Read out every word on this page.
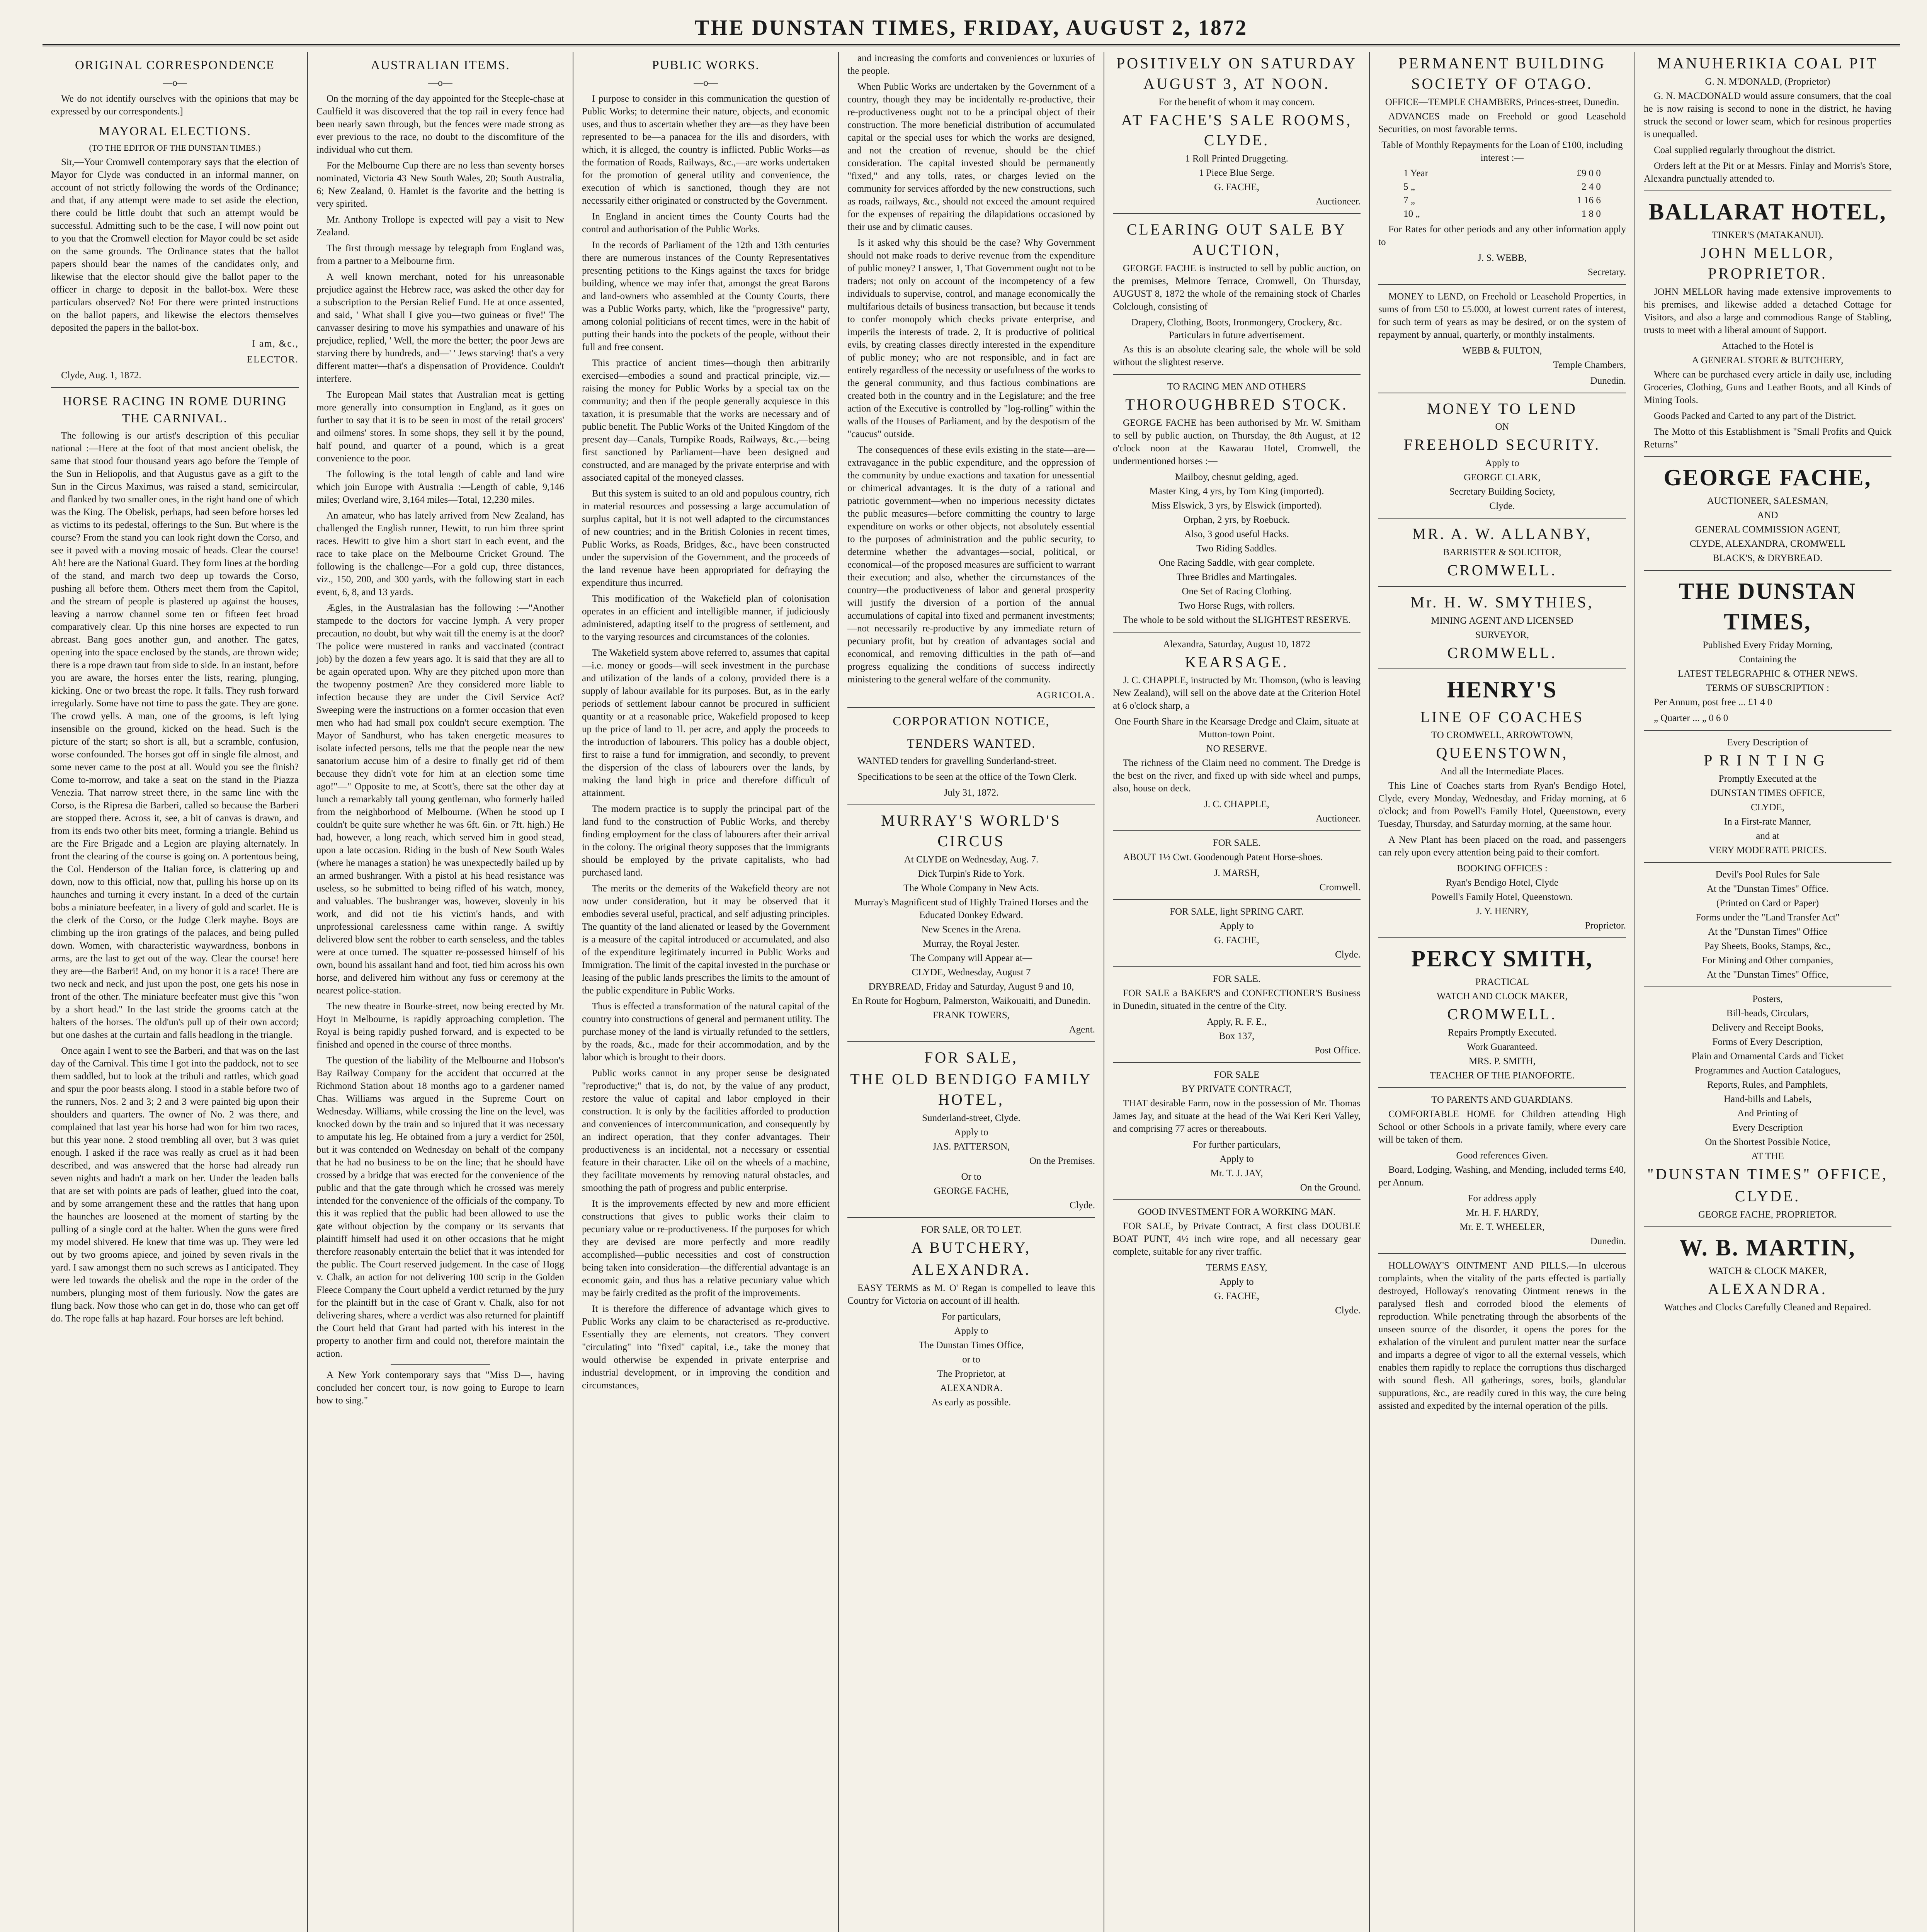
THE DUNSTAN TIMES, FRIDAY, AUGUST 2, 1872
ORIGINAL CORRESPONDENCE

—o—

We do not identify ourselves with the opinions that may be expressed by our correspondents.]

MAYORAL ELECTIONS.

(TO THE EDITOR OF THE DUNSTAN TIMES.)

Sir,—Your Cromwell contemporary says that the election of Mayor for Clyde was conducted in an informal manner, on account of not strictly following the words of the Ordinance; and that, if any attempt were made to set aside the election, there could be little doubt that such an attempt would be successful. Admitting such to be the case, I will now point out to you that the Cromwell election for Mayor could be set aside on the same grounds. The Ordinance states that the ballot papers should bear the names of the candidates only, and likewise that the elector should give the ballot paper to the officer in charge to deposit in the ballot-box. Were these particulars observed? No! For there were printed instructions on the ballot papers, and likewise the electors themselves deposited the papers in the ballot-box.

I am, &c.,

ELECTOR.

Clyde, Aug. 1, 1872.

HORSE RACING IN ROME DURING THE CARNIVAL.

The following is our artist's description of this peculiar national :—Here at the foot of that most ancient obelisk, the same that stood four thousand years ago before the Temple of the Sun in Heliopolis, and that Augustus gave as a gift to the Sun in the Circus Maximus, was raised a stand, semicircular, and flanked by two smaller ones, in the right hand one of which was the King. The Obelisk, perhaps, had seen before horses led as victims to its pedestal, offerings to the Sun. But where is the course? From the stand you can look right down the Corso, and see it paved with a moving mosaic of heads. Clear the course! Ah! here are the National Guard. They form lines at the bording of the stand, and march two deep up towards the Corso, pushing all before them. Others meet them from the Capitol, and the stream of people is plastered up against the houses, leaving a narrow channel some ten or fifteen feet broad comparatively clear. Up this nine horses are expected to run abreast. Bang goes another gun, and another. The gates, opening into the space enclosed by the stands, are thrown wide; there is a rope drawn taut from side to side. In an instant, before you are aware, the horses enter the lists, rearing, plunging, kicking. One or two breast the rope. It falls. They rush forward irregularly. Some have not time to pass the gate. They are gone. The crowd yells. A man, one of the grooms, is left lying insensible on the ground, kicked on the head. Such is the picture of the start; so short is all, but a scramble, confusion, worse confounded. The horses got off in single file almost, and some never came to the post at all. Would you see the finish? Come to-morrow, and take a seat on the stand in the Piazza Venezia. That narrow street there, in the same line with the Corso, is the Ripresa die Barberi, called so because the Barberi are stopped there. Across it, see, a bit of canvas is drawn, and from its ends two other bits meet, forming a triangle. Behind us are the Fire Brigade and a Legion are playing alternately. In front the clearing of the course is going on. A portentous being, the Col. Henderson of the Italian force, is clattering up and down, now to this official, now that, pulling his horse up on its haunches and turning it every instant. In a deed of the curtain bobs a miniature beefeater, in a livery of gold and scarlet. He is the clerk of the Corso, or the Judge Clerk maybe. Boys are climbing up the iron gratings of the palaces, and being pulled down. Women, with characteristic waywardness, bonbons in arms, are the last to get out of the way. Clear the course! here they are—the Barberi! And, on my honor it is a race! There are two neck and neck, and just upon the post, one gets his nose in front of the other. The miniature beefeater must give this "won by a short head." In the last stride the grooms catch at the halters of the horses. The old'un's pull up of their own accord; but one dashes at the curtain and falls headlong in the triangle.

Once again I went to see the Barberi, and that was on the last day of the Carnival. This time I got into the paddock, not to see them saddled, but to look at the tribuli and rattles, which goad and spur the poor beasts along. I stood in a stable before two of the runners, Nos. 2 and 3; 2 and 3 were painted big upon their shoulders and quarters. The owner of No. 2 was there, and complained that last year his horse had won for him two races, but this year none. 2 stood trembling all over, but 3 was quiet enough. I asked if the race was really as cruel as it had been described, and was answered that the horse had already run seven nights and hadn't a mark on her. Under the leaden balls that are set with points are pads of leather, glued into the coat, and by some arrangement these and the rattles that hang upon the haunches are loosened at the moment of starting by the pulling of a single cord at the halter. When the guns were fired my model shivered. He knew that time was up. They were led out by two grooms apiece, and joined by seven rivals in the yard. I saw amongst them no such screws as I anticipated. They were led towards the obelisk and the rope in the order of the numbers, plunging most of them furiously. Now the gates are flung back. Now those who can get in do, those who can get off do. The rope falls at hap hazard. Four horses are left behind.

AUSTRALIAN ITEMS.

—o—

On the morning of the day appointed for the Steeple-chase at Caulfield it was discovered that the top rail in every fence had been nearly sawn through, but the fences were made strong as ever previous to the race, no doubt to the discomfiture of the individual who cut them.

For the Melbourne Cup there are no less than seventy horses nominated, Victoria 43 New South Wales, 20; South Australia, 6; New Zealand, 0. Hamlet is the favorite and the betting is very spirited.

Mr. Anthony Trollope is expected will pay a visit to New Zealand.

The first through message by telegraph from England was, from a partner to a Melbourne firm.

A well known merchant, noted for his unreasonable prejudice against the Hebrew race, was asked the other day for a subscription to the Persian Relief Fund. He at once assented, and said, ' What shall I give you—two guineas or five!' The canvasser desiring to move his sympathies and unaware of his prejudice, replied, ' Well, the more the better; the poor Jews are starving there by hundreds, and—' ' Jews starving! that's a very different matter—that's a dispensation of Providence. Couldn't interfere.

The European Mail states that Australian meat is getting more generally into consumption in England, as it goes on further to say that it is to be seen in most of the retail grocers' and oilmens' stores. In some shops, they sell it by the pound, half pound, and quarter of a pound, which is a great convenience to the poor.

The following is the total length of cable and land wire which join Europe with Australia :—Length of cable, 9,146 miles; Overland wire, 3,164 miles—Total, 12,230 miles.

An amateur, who has lately arrived from New Zealand, has challenged the English runner, Hewitt, to run him three sprint races. Hewitt to give him a short start in each event, and the race to take place on the Melbourne Cricket Ground. The following is the challenge—For a gold cup, three distances, viz., 150, 200, and 300 yards, with the following start in each event, 6, 8, and 13 yards.

Ægles, in the Australasian has the following :—"Another stampede to the doctors for vaccine lymph. A very proper precaution, no doubt, but why wait till the enemy is at the door? The police were mustered in ranks and vaccinated (contract job) by the dozen a few years ago. It is said that they are all to be again operated upon. Why are they pitched upon more than the twopenny postmen? Are they considered more liable to infection because they are under the Civil Service Act? Sweeping were the instructions on a former occasion that even men who had had small pox couldn't secure exemption. The Mayor of Sandhurst, who has taken energetic measures to isolate infected persons, tells me that the people near the new sanatorium accuse him of a desire to finally get rid of them because they didn't vote for him at an election some time ago!"—" Opposite to me, at Scott's, there sat the other day at lunch a remarkably tall young gentleman, who formerly hailed from the neighborhood of Melbourne. (When he stood up I couldn't be quite sure whether he was 6ft. 6in. or 7ft. high.) He had, however, a long reach, which served him in good stead, upon a late occasion. Riding in the bush of New South Wales (where he manages a station) he was unexpectedly bailed up by an armed bushranger. With a pistol at his head resistance was useless, so he submitted to being rifled of his watch, money, and valuables. The bushranger was, however, slovenly in his work, and did not tie his victim's hands, and with unprofessional carelessness came within range. A swiftly delivered blow sent the robber to earth senseless, and the tables were at once turned. The squatter re-possessed himself of his own, bound his assailant hand and foot, tied him across his own horse, and delivered him without any fuss or ceremony at the nearest police-station.

The new theatre in Bourke-street, now being erected by Mr. Hoyt in Melbourne, is rapidly approaching completion. The Royal is being rapidly pushed forward, and is expected to be finished and opened in the course of three months.

The question of the liability of the Melbourne and Hobson's Bay Railway Company for the accident that occurred at the Richmond Station about 18 months ago to a gardener named Chas. Williams was argued in the Supreme Court on Wednesday. Williams, while crossing the line on the level, was knocked down by the train and so injured that it was necessary to amputate his leg. He obtained from a jury a verdict for 250l, but it was contended on Wednesday on behalf of the company that he had no business to be on the line; that he should have crossed by a bridge that was erected for the convenience of the public and that the gate through which he crossed was merely intended for the convenience of the officials of the company. To this it was replied that the public had been allowed to use the gate without objection by the company or its servants that plaintiff himself had used it on other occasions that he might therefore reasonably entertain the belief that it was intended for the public. The Court reserved judgement. In the case of Hogg v. Chalk, an action for not delivering 100 scrip in the Golden Fleece Company the Court upheld a verdict returned by the jury for the plaintiff but in the case of Grant v. Chalk, also for not delivering shares, where a verdict was also returned for plaintiff the Court held that Grant had parted with his interest in the property to another firm and could not, therefore maintain the action.

A New York contemporary says that "Miss D—, having concluded her concert tour, is now going to Europe to learn how to sing."

PUBLIC WORKS.

—o—

I purpose to consider in this communication the question of Public Works; to determine their nature, objects, and economic uses, and thus to ascertain whether they are—as they have been represented to be—a panacea for the ills and disorders, with which, it is alleged, the country is inflicted. Public Works—as the formation of Roads, Railways, &c.,—are works undertaken for the promotion of general utility and convenience, the execution of which is sanctioned, though they are not necessarily either originated or constructed by the Government.

In England in ancient times the County Courts had the control and authorisation of the Public Works.

In the records of Parliament of the 12th and 13th centuries there are numerous instances of the County Representatives presenting petitions to the Kings against the taxes for bridge building, whence we may infer that, amongst the great Barons and land-owners who assembled at the County Courts, there was a Public Works party, which, like the "progressive" party, among colonial politicians of recent times, were in the habit of putting their hands into the pockets of the people, without their full and free consent.

This practice of ancient times—though then arbitrarily exercised—embodies a sound and practical principle, viz.—raising the money for Public Works by a special tax on the community; and then if the people generally acquiesce in this taxation, it is presumable that the works are necessary and of public benefit. The Public Works of the United Kingdom of the present day—Canals, Turnpike Roads, Railways, &c.,—being first sanctioned by Parliament—have been designed and constructed, and are managed by the private enterprise and with associated capital of the moneyed classes.

But this system is suited to an old and populous country, rich in material resources and possessing a large accumulation of surplus capital, but it is not well adapted to the circumstances of new countries; and in the British Colonies in recent times, Public Works, as Roads, Bridges, &c., have been constructed under the supervision of the Government, and the proceeds of the land revenue have been appropriated for defraying the expenditure thus incurred.

This modification of the Wakefield plan of colonisation operates in an efficient and intelligible manner, if judiciously administered, adapting itself to the progress of settlement, and to the varying resources and circumstances of the colonies.

The Wakefield system above referred to, assumes that capital—i.e. money or goods—will seek investment in the purchase and utilization of the lands of a colony, provided there is a supply of labour available for its purposes. But, as in the early periods of settlement labour cannot be procured in sufficient quantity or at a reasonable price, Wakefield proposed to keep up the price of land to 1l. per acre, and apply the proceeds to the introduction of labourers. This policy has a double object, first to raise a fund for immigration, and secondly, to prevent the dispersion of the class of labourers over the lands, by making the land high in price and therefore difficult of attainment.

The modern practice is to supply the principal part of the land fund to the construction of Public Works, and thereby finding employment for the class of labourers after their arrival in the colony. The original theory supposes that the immigrants should be employed by the private capitalists, who had purchased land.

The merits or the demerits of the Wakefield theory are not now under consideration, but it may be observed that it embodies several useful, practical, and self adjusting principles. The quantity of the land alienated or leased by the Government is a measure of the capital introduced or accumulated, and also of the expenditure legitimately incurred in Public Works and Immigration. The limit of the capital invested in the purchase or leasing of the public lands prescribes the limits to the amount of the public expenditure in Public Works.

Thus is effected a transformation of the natural capital of the country into constructions of general and permanent utility. The purchase money of the land is virtually refunded to the settlers, by the roads, &c., made for their accommodation, and by the labor which is brought to their doors.

Public works cannot in any proper sense be designated "reproductive;" that is, do not, by the value of any product, restore the value of capital and labor employed in their construction. It is only by the facilities afforded to production and conveniences of intercommunication, and consequently by an indirect operation, that they confer advantages. Their productiveness is an incidental, not a necessary or essential feature in their character. Like oil on the wheels of a machine, they facilitate movements by removing natural obstacles, and smoothing the path of progress and public enterprise.

It is the improvements effected by new and more efficient constructions that gives to public works their claim to pecuniary value or re-productiveness. If the purposes for which they are devised are more perfectly and more readily accomplished—public necessities and cost of construction being taken into consideration—the differential advantage is an economic gain, and thus has a relative pecuniary value which may be fairly credited as the profit of the improvements.

It is therefore the difference of advantage which gives to Public Works any claim to be characterised as re-productive. Essentially they are elements, not creators. They convert "circulating" into "fixed" capital, i.e., take the money that would otherwise be expended in private enterprise and industrial development, or in improving the condition and circumstances,

and increasing the comforts and conveniences or luxuries of the people.

When Public Works are undertaken by the Government of a country, though they may be incidentally re-productive, their re-productiveness ought not to be a principal object of their construction. The more beneficial distribution of accumulated capital or the special uses for which the works are designed, and not the creation of revenue, should be the chief consideration. The capital invested should be permanently "fixed," and any tolls, rates, or charges levied on the community for services afforded by the new constructions, such as roads, railways, &c., should not exceed the amount required for the expenses of repairing the dilapidations occasioned by their use and by climatic causes.

Is it asked why this should be the case? Why Government should not make roads to derive revenue from the expenditure of public money? I answer, 1, That Government ought not to be traders; not only on account of the incompetency of a few individuals to supervise, control, and manage economically the multifarious details of business transaction, but because it tends to confer monopoly which checks private enterprise, and imperils the interests of trade. 2, It is productive of political evils, by creating classes directly interested in the expenditure of public money; who are not responsible, and in fact are entirely regardless of the necessity or usefulness of the works to the general community, and thus factious combinations are created both in the country and in the Legislature; and the free action of the Executive is controlled by "log-rolling" within the walls of the Houses of Parliament, and by the despotism of the "caucus" outside.

The consequences of these evils existing in the state—are—extravagance in the public expenditure, and the oppression of the community by undue exactions and taxation for unessential or chimerical advantages. It is the duty of a rational and patriotic government—when no imperious necessity dictates the public measures—before committing the country to large expenditure on works or other objects, not absolutely essential to the purposes of administration and the public security, to determine whether the advantages—social, political, or economical—of the proposed measures are sufficient to warrant their execution; and also, whether the circumstances of the country—the productiveness of labor and general prosperity will justify the diversion of a portion of the annual accumulations of capital into fixed and permanent investments;—not necessarily re-productive by any immediate return of pecuniary profit, but by creation of advantages social and economical, and removing difficulties in the path of—and progress equalizing the conditions of success indirectly ministering to the general welfare of the community.

AGRICOLA.

CORPORATION NOTICE,
TENDERS WANTED.

WANTED tenders for gravelling Sunderland-street.

Specifications to be seen at the office of the Town Clerk.

July 31, 1872.

MURRAY'S WORLD'S CIRCUS

At CLYDE on Wednesday, Aug. 7.

Dick Turpin's Ride to York.

The Whole Company in New Acts.

Murray's Magnificent stud of Highly Trained Horses and the Educated Donkey Edward.

New Scenes in the Arena.

Murray, the Royal Jester.

The Company will Appear at—

CLYDE, Wednesday, August 7

DRYBREAD, Friday and Saturday, August 9 and 10,

En Route for Hogburn, Palmerston, Waikouaiti, and Dunedin.

FRANK TOWERS,

Agent.

FOR SALE,

THE OLD BENDIGO FAMILY HOTEL,

Sunderland-street, Clyde.

Apply to

JAS. PATTERSON,

On the Premises.

Or to

GEORGE FACHE,

Clyde.

FOR SALE, OR TO LET.

A BUTCHERY,

ALEXANDRA.

EASY TERMS as M. O' Regan is compelled to leave this Country for Victoria on account of ill health.

For particulars,

Apply to

The Dunstan Times Office,

or to

The Proprietor, at

ALEXANDRA.

As early as possible.

POSITIVELY ON SATURDAY AUGUST 3, AT NOON.

For the benefit of whom it may concern.

AT FACHE'S SALE ROOMS, CLYDE.

1 Roll Printed Druggeting.

1 Piece Blue Serge.

G. FACHE,

Auctioneer.

CLEARING OUT SALE BY AUCTION,

GEORGE FACHE is instructed to sell by public auction, on the premises, Melmore Terrace, Cromwell, On Thursday, AUGUST 8, 1872 the whole of the remaining stock of Charles Colclough, consisting of

Drapery, Clothing, Boots, Ironmongery, Crockery, &c. Particulars in future advertisement.

As this is an absolute clearing sale, the whole will be sold without the slightest reserve.

TO RACING MEN AND OTHERS

THOROUGHBRED STOCK.

GEORGE FACHE has been authorised by Mr. W. Smitham to sell by public auction, on Thursday, the 8th August, at 12 o'clock noon at the Kawarau Hotel, Cromwell, the undermentioned horses :—

Mailboy, chesnut gelding, aged.

Master King, 4 yrs, by Tom King (imported).

Miss Elswick, 3 yrs, by Elswick (imported).

Orphan, 2 yrs, by Roebuck.

Also, 3 good useful Hacks.

Two Riding Saddles.

One Racing Saddle, with gear complete.

Three Bridles and Martingales.

One Set of Racing Clothing.

Two Horse Rugs, with rollers.

The whole to be sold without the SLIGHTEST RESERVE.

Alexandra, Saturday, August 10, 1872

KEARSAGE.

J. C. CHAPPLE, instructed by Mr. Thomson, (who is leaving New Zealand), will sell on the above date at the Criterion Hotel at 6 o'clock sharp, a

One Fourth Share in the Kearsage Dredge and Claim, situate at Mutton-town Point.

NO RESERVE.

The richness of the Claim need no comment. The Dredge is the best on the river, and fixed up with side wheel and pumps, also, house on deck.

J. C. CHAPPLE,

Auctioneer.

FOR SALE.

ABOUT 1½ Cwt. Goodenough Patent Horse-shoes.

J. MARSH,

Cromwell.

FOR SALE, light SPRING CART.

Apply to

G. FACHE,

Clyde.

FOR SALE.

FOR SALE a BAKER'S and CONFECTIONER'S Business in Dunedin, situated in the centre of the City.

Apply, R. F. E.,

Box 137,

Post Office.

FOR SALE

BY PRIVATE CONTRACT,

THAT desirable Farm, now in the possession of Mr. Thomas James Jay, and situate at the head of the Wai Keri Keri Valley, and comprising 77 acres or thereabouts.

For further particulars,

Apply to

Mr. T. J. JAY,

On the Ground.

GOOD INVESTMENT FOR A WORKING MAN.

FOR SALE, by Private Contract, A first class DOUBLE BOAT PUNT, 4½ inch wire rope, and all necessary gear complete, suitable for any river traffic.

TERMS EASY,

Apply to

G. FACHE,

Clyde.

PERMANENT BUILDING SOCIETY OF OTAGO.

OFFICE—TEMPLE CHAMBERS, Princes-street, Dunedin.

ADVANCES made on Freehold or good Leasehold Securities, on most favorable terms.

Table of Monthly Repayments for the Loan of £100, including interest :—

1 Year	£9 0 0
5 „	2 4 0
7 „	1 16 6
10 „	1 8 0

For Rates for other periods and any other information apply to

J. S. WEBB,

Secretary.

MONEY to LEND, on Freehold or Leasehold Properties, in sums of from £50 to £5.000, at lowest current rates of interest, for such term of years as may be desired, or on the system of repayment by annual, quarterly, or monthly instalments.

WEBB & FULTON,

Temple Chambers,

Dunedin.

MONEY TO LEND

ON

FREEHOLD SECURITY.

Apply to

GEORGE CLARK,

Secretary Building Society,

Clyde.

MR. A. W. ALLANBY,

BARRISTER & SOLICITOR,

CROMWELL.

Mr. H. W. SMYTHIES,

MINING AGENT AND LICENSED

SURVEYOR,

CROMWELL.

HENRY'S

LINE OF COACHES

TO CROMWELL, ARROWTOWN,

QUEENSTOWN,

And all the Intermediate Places.

This Line of Coaches starts from Ryan's Bendigo Hotel, Clyde, every Monday, Wednesday, and Friday morning, at 6 o'clock; and from Powell's Family Hotel, Queenstown, every Tuesday, Thursday, and Saturday morning, at the same hour.

A New Plant has been placed on the road, and passengers can rely upon every attention being paid to their comfort.

BOOKING OFFICES :

Ryan's Bendigo Hotel, Clyde

Powell's Family Hotel, Queenstown.

J. Y. HENRY,

Proprietor.

PERCY SMITH,

PRACTICAL

WATCH AND CLOCK MAKER,

CROMWELL.

Repairs Promptly Executed.

Work Guaranteed.

MRS. P. SMITH,

TEACHER OF THE PIANOFORTE.

TO PARENTS AND GUARDIANS.

COMFORTABLE HOME for Children attending High School or other Schools in a private family, where every care will be taken of them.

Good references Given.

Board, Lodging, Washing, and Mending, included terms £40, per Annum.

For address apply

Mr. H. F. HARDY,

Mr. E. T. WHEELER,

Dunedin.

HOLLOWAY'S OINTMENT AND PILLS.—In ulcerous complaints, when the vitality of the parts effected is partially destroyed, Holloway's renovating Ointment renews in the paralysed flesh and corroded blood the elements of reproduction. While penetrating through the absorbents of the unseen source of the disorder, it opens the pores for the exhalation of the virulent and purulent matter near the surface and imparts a degree of vigor to all the external vessels, which enables them rapidly to replace the corruptions thus discharged with sound flesh. All gatherings, sores, boils, glandular suppurations, &c., are readily cured in this way, the cure being assisted and expedited by the internal operation of the pills.

MANUHERIKIA COAL PIT

G. N. M'DONALD, (Proprietor)

G. N. MACDONALD would assure consumers, that the coal he is now raising is second to none in the district, he having struck the second or lower seam, which for resinous properties is unequalled.

Coal supplied regularly throughout the district.

Orders left at the Pit or at Messrs. Finlay and Morris's Store, Alexandra punctually attended to.

BALLARAT HOTEL,

TINKER'S (MATAKANUI).

JOHN MELLOR, PROPRIETOR.

JOHN MELLOR having made extensive improvements to his premises, and likewise added a detached Cottage for Visitors, and also a large and commodious Range of Stabling, trusts to meet with a liberal amount of Support.

Attached to the Hotel is

A GENERAL STORE & BUTCHERY,

Where can be purchased every article in daily use, including Groceries, Clothing, Guns and Leather Boots, and all Kinds of Mining Tools.

Goods Packed and Carted to any part of the District.

The Motto of this Establishment is "Small Profits and Quick Returns"

GEORGE FACHE,

AUCTIONEER, SALESMAN,

AND

GENERAL COMMISSION AGENT,

CLYDE, ALEXANDRA, CROMWELL

BLACK'S, & DRYBREAD.

THE DUNSTAN TIMES,

Published Every Friday Morning,

Containing the

LATEST TELEGRAPHIC & OTHER NEWS.

TERMS OF SUBSCRIPTION :

Per Annum, post free ... £1 4 0

„ Quarter ... „ 0 6 0

Every Description of

PRINTING

Promptly Executed at the

DUNSTAN TIMES OFFICE,

CLYDE,

In a First-rate Manner,

and at

VERY MODERATE PRICES.

Devil's Pool Rules for Sale

At the "Dunstan Times" Office.

(Printed on Card or Paper)

Forms under the "Land Transfer Act"

At the "Dunstan Times" Office

Pay Sheets, Books, Stamps, &c.,

For Mining and Other companies,

At the "Dunstan Times" Office,

Posters,

Bill-heads, Circulars,

Delivery and Receipt Books,

Forms of Every Description,

Plain and Ornamental Cards and Ticket

Programmes and Auction Catalogues,

Reports, Rules, and Pamphlets,

Hand-bills and Labels,

And Printing of

Every Description

On the Shortest Possible Notice,

AT THE

"DUNSTAN TIMES" OFFICE,

CLYDE.

GEORGE FACHE, PROPRIETOR.

W. B. MARTIN,

WATCH & CLOCK MAKER,

ALEXANDRA.

Watches and Clocks Carefully Cleaned and Repaired.
